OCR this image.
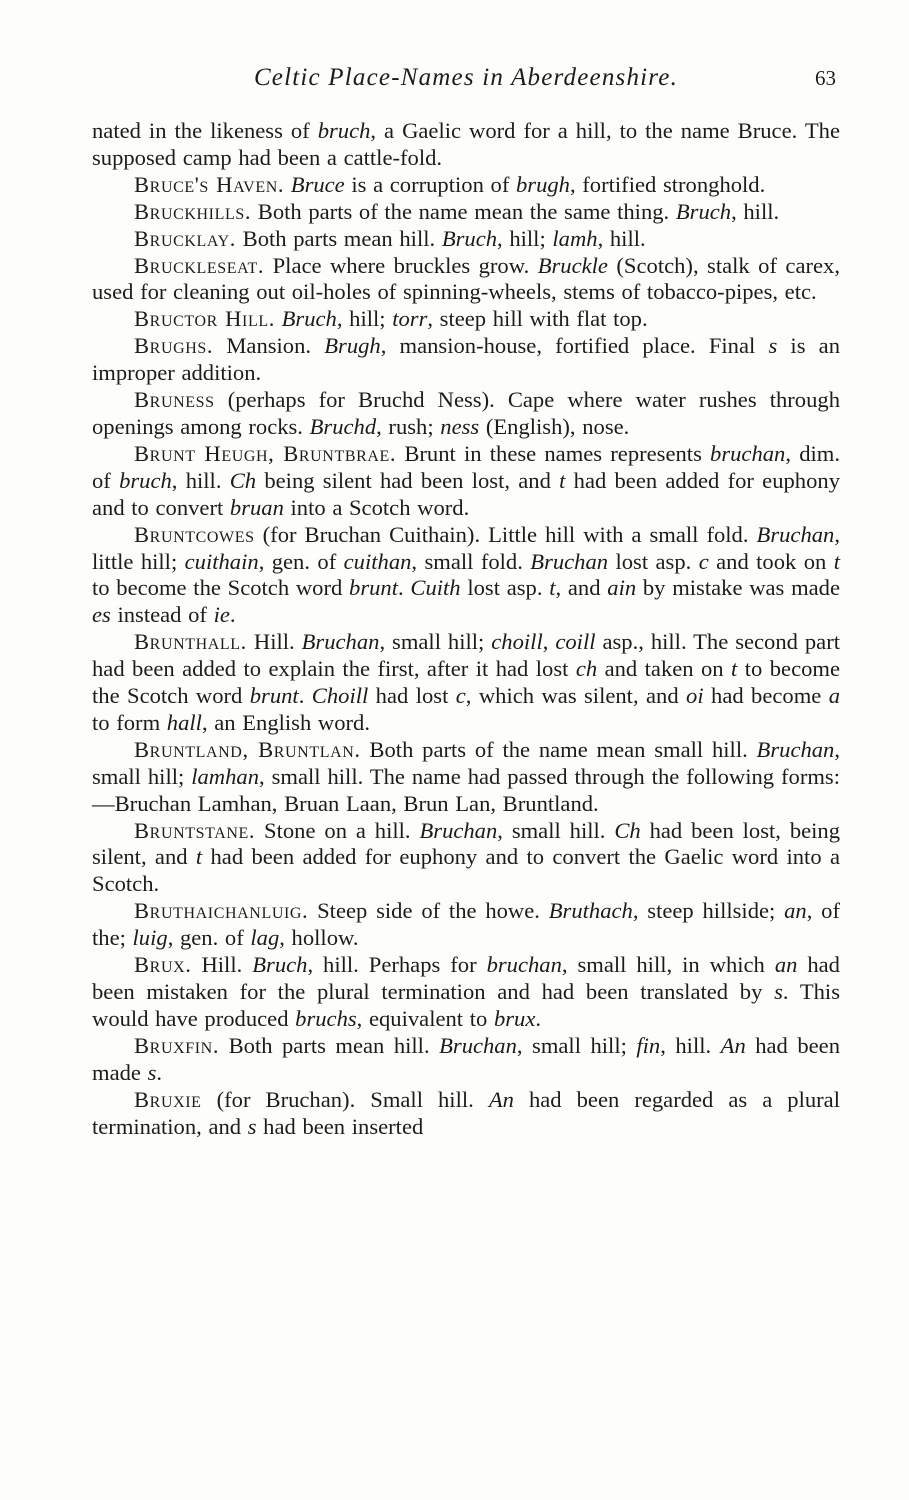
Celtic Place-Names in Aberdeenshire.	63

nated in the likeness of bruch, a Gaelic word for a hill, to the name Bruce. The supposed camp had been a cattle-fold.

Bruce's Haven. Bruce is a corruption of brugh, fortified stronghold.

Bruckhills. Both parts of the name mean the same thing. Bruch, hill.

Brucklay. Both parts mean hill. Bruch, hill; lamh, hill.

Bruckleseat. Place where bruckles grow. Bruckle (Scotch), stalk of carex, used for cleaning out oil-holes of spinning-wheels, stems of tobacco-pipes, etc.

Bructor Hill. Bruch, hill; torr, steep hill with flat top.

Brughs. Mansion. Brugh, mansion-house, fortified place. Final s is an improper addition.

Bruness (perhaps for Bruchd Ness). Cape where water rushes through openings among rocks. Bruchd, rush; ness (English), nose.

Brunt Heugh, Bruntbrae. Brunt in these names represents bruchan, dim. of bruch, hill. Ch being silent had been lost, and t had been added for euphony and to convert bruan into a Scotch word.

Bruntcowes (for Bruchan Cuithain). Little hill with a small fold. Bruchan, little hill; cuithain, gen. of cuithan, small fold. Bruchan lost asp. c and took on t to become the Scotch word brunt. Cuith lost asp. t, and ain by mistake was made es instead of ie.

Brunthall. Hill. Bruchan, small hill; choill, coill asp., hill. The second part had been added to explain the first, after it had lost ch and taken on t to become the Scotch word brunt. Choill had lost c, which was silent, and oi had become a to form hall, an English word.

Bruntland, Bruntlan. Both parts of the name mean small hill. Bruchan, small hill; lamhan, small hill. The name had passed through the following forms:—Bruchan Lamhan, Bruan Laan, Brun Lan, Bruntland.

Bruntstane. Stone on a hill. Bruchan, small hill. Ch had been lost, being silent, and t had been added for euphony and to convert the Gaelic word into a Scotch.

Bruthaichanluig. Steep side of the howe. Bruthach, steep hillside; an, of the; luig, gen. of lag, hollow.

Brux. Hill. Bruch, hill. Perhaps for bruchan, small hill, in which an had been mistaken for the plural termination and had been translated by s. This would have produced bruchs, equivalent to brux.

Bruxfin. Both parts mean hill. Bruchan, small hill; fin, hill. An had been made s.

Bruxie (for Bruchan). Small hill. An had been regarded as a plural termination, and s had been inserted
